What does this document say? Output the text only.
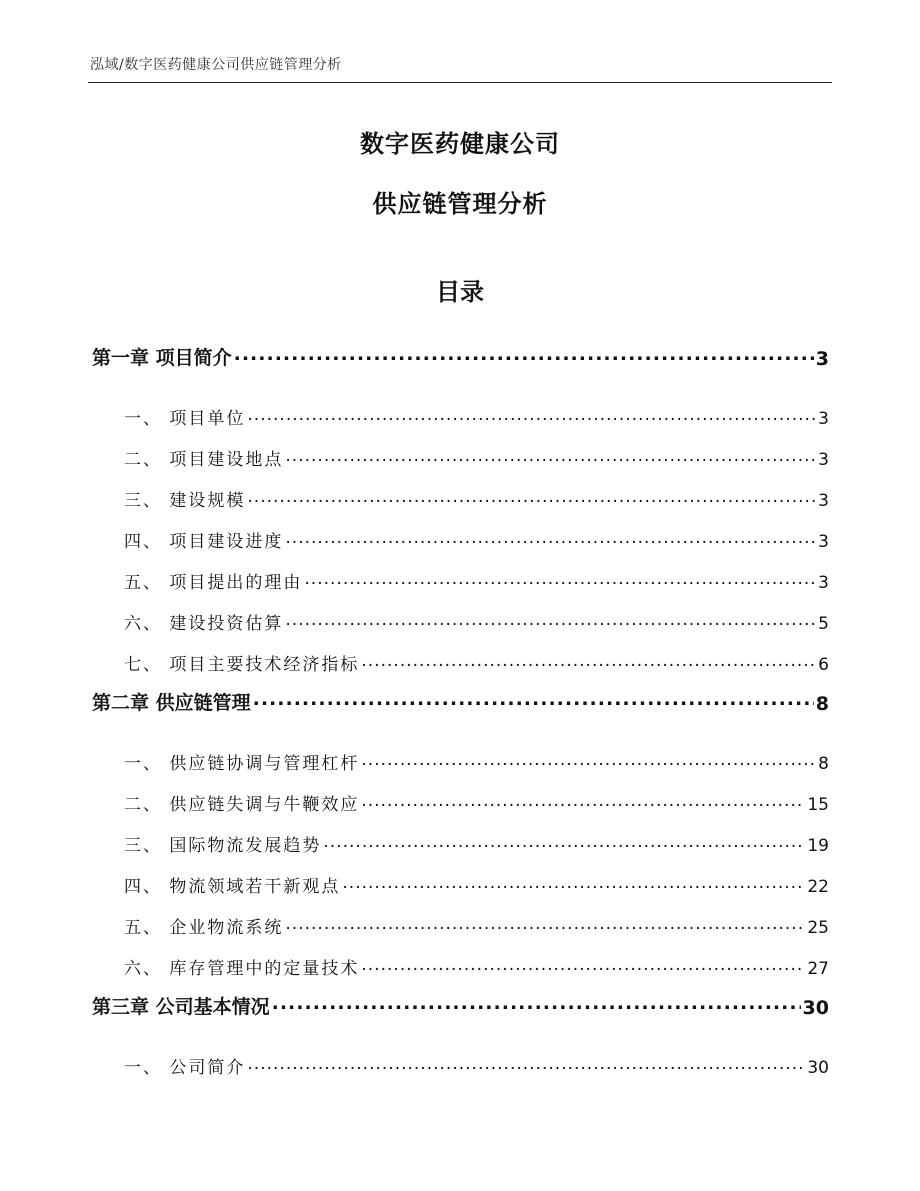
泓域/数字医药健康公司供应链管理分析
数字医药健康公司
供应链管理分析
目录
第一章 项目简介 .....	3
一、 项目单位 .....	3
二、 项目建设地点 .....	3
三、 建设规模 .....	3
四、 项目建设进度 .....	3
五、 项目提出的理由 .....	3
六、 建设投资估算 .....	5
七、 项目主要技术经济指标 .....	6
第二章 供应链管理 .....	8
一、 供应链协调与管理杠杆 .....	8
二、 供应链失调与牛鞭效应 .....	15
三、 国际物流发展趋势 .....	19
四、 物流领域若干新观点 .....	22
五、 企业物流系统 .....	25
六、 库存管理中的定量技术 .....	27
第三章 公司基本情况 .....	30
一、 公司简介 .....	30
